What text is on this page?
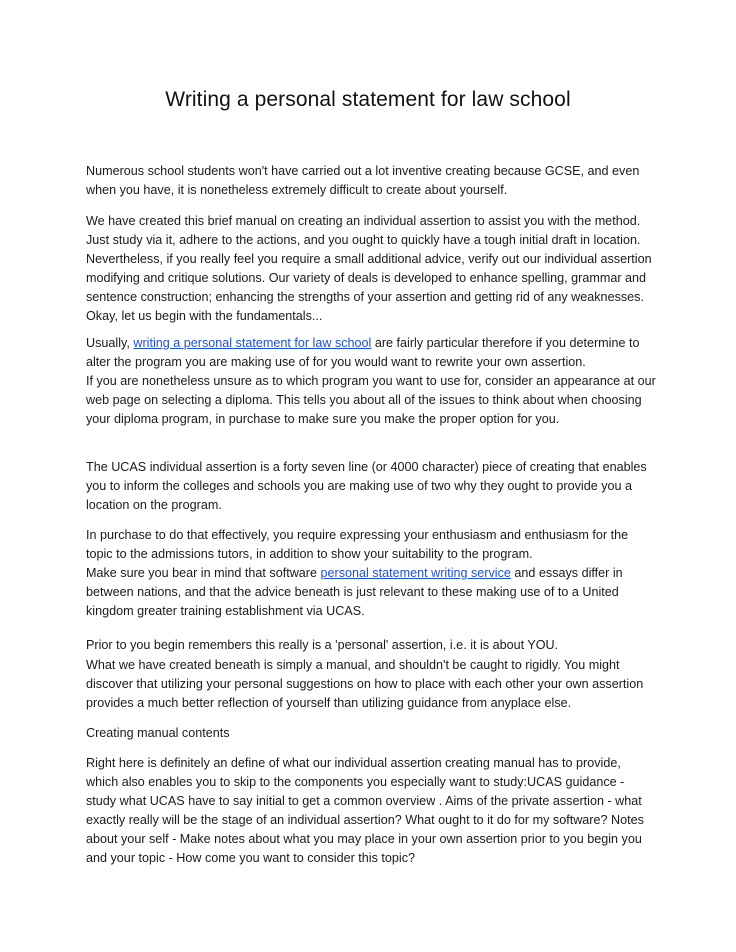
Writing a personal statement for law school

Numerous school students won't have carried out a lot inventive creating because GCSE, and even when you have, it is nonetheless extremely difficult to create about yourself.

We have created this brief manual on creating an individual assertion to assist you with the method. Just study via it, adhere to the actions, and you ought to quickly have a tough initial draft in location. Nevertheless, if you really feel you require a small additional advice, verify out our individual assertion modifying and critique solutions. Our variety of deals is developed to enhance spelling, grammar and sentence construction; enhancing the strengths of your assertion and getting rid of any weaknesses. Okay, let us begin with the fundamentals...

Usually, writing a personal statement for law school are fairly particular therefore if you determine to alter the program you are making use of for you would want to rewrite your own assertion.

If you are nonetheless unsure as to which program you want to use for, consider an appearance at our web page on selecting a diploma. This tells you about all of the issues to think about when choosing your diploma program, in purchase to make sure you make the proper option for you.

The UCAS individual assertion is a forty seven line (or 4000 character) piece of creating that enables you to inform the colleges and schools you are making use of two why they ought to provide you a location on the program.

In purchase to do that effectively, you require expressing your enthusiasm and enthusiasm for the topic to the admissions tutors, in addition to show your suitability to the program.

Make sure you bear in mind that software personal statement writing service and essays differ in between nations, and that the advice beneath is just relevant to these making use of to a United kingdom greater training establishment via UCAS.

Prior to you begin remembers this really is a 'personal' assertion, i.e. it is about YOU.

What we have created beneath is simply a manual, and shouldn't be caught to rigidly. You might discover that utilizing your personal suggestions on how to place with each other your own assertion provides a much better reflection of yourself than utilizing guidance from anyplace else.

Creating manual contents

Right here is definitely an define of what our individual assertion creating manual has to provide, which also enables you to skip to the components you especially want to study:UCAS guidance - study what UCAS have to say initial to get a common overview . Aims of the private assertion - what exactly really will be the stage of an individual assertion? What ought to it do for my software? Notes about your self - Make notes about what you may place in your own assertion prior to you begin you and your topic - How come you want to consider this topic?
